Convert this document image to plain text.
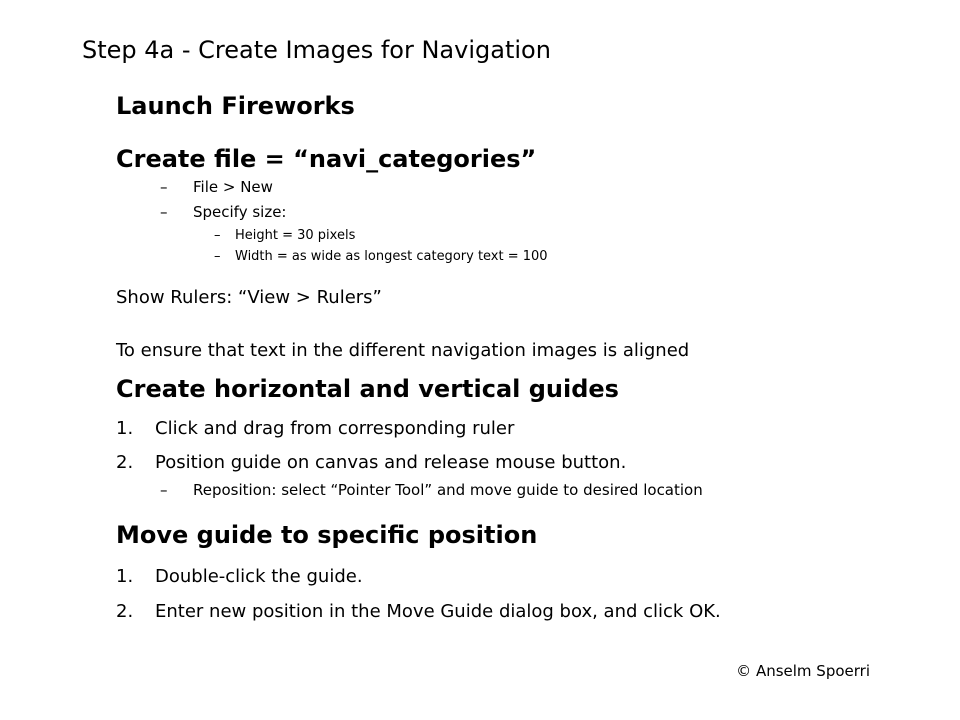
Step 4a - Create Images for Navigation
Launch Fireworks
Create file = “navi_categories”
– File > New
– Specify size:
– Height = 30 pixels
– Width = as wide as longest category text = 100
Show Rulers: “View > Rulers”
To ensure that text in the different navigation images is aligned
Create horizontal and vertical guides
1. Click and drag from corresponding ruler
2. Position guide on canvas and release mouse button.
– Reposition: select “Pointer Tool” and move guide to desired location
Move guide to specific position
1. Double-click the guide.
2. Enter new position in the Move Guide dialog box, and click OK.
© Anselm Spoerri
